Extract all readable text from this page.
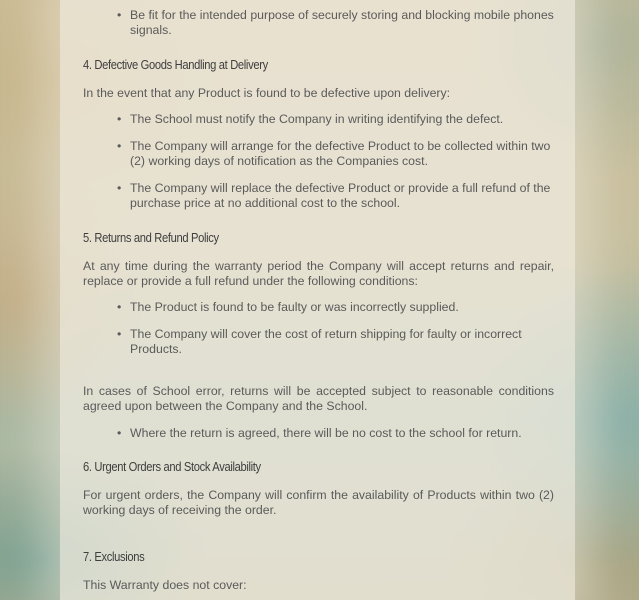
• Be fit for the intended purpose of securely storing and blocking mobile phones signals.

4. Defective Goods Handling at Delivery

In the event that any Product is found to be defective upon delivery:

• The School must notify the Company in writing identifying the defect.

• The Company will arrange for the defective Product to be collected within two (2) working days of notification as the Companies cost.

• The Company will replace the defective Product or provide a full refund of the purchase price at no additional cost to the school.

5. Returns and Refund Policy

At any time during the warranty period the Company will accept returns and repair, replace or provide a full refund under the following conditions:

• The Product is found to be faulty or was incorrectly supplied.

• The Company will cover the cost of return shipping for faulty or incorrect Products.

In cases of School error, returns will be accepted subject to reasonable conditions agreed upon between the Company and the School.

• Where the return is agreed, there will be no cost to the school for return.

6. Urgent Orders and Stock Availability

For urgent orders, the Company will confirm the availability of Products within two (2) working days of receiving the order.

7. Exclusions

This Warranty does not cover:
